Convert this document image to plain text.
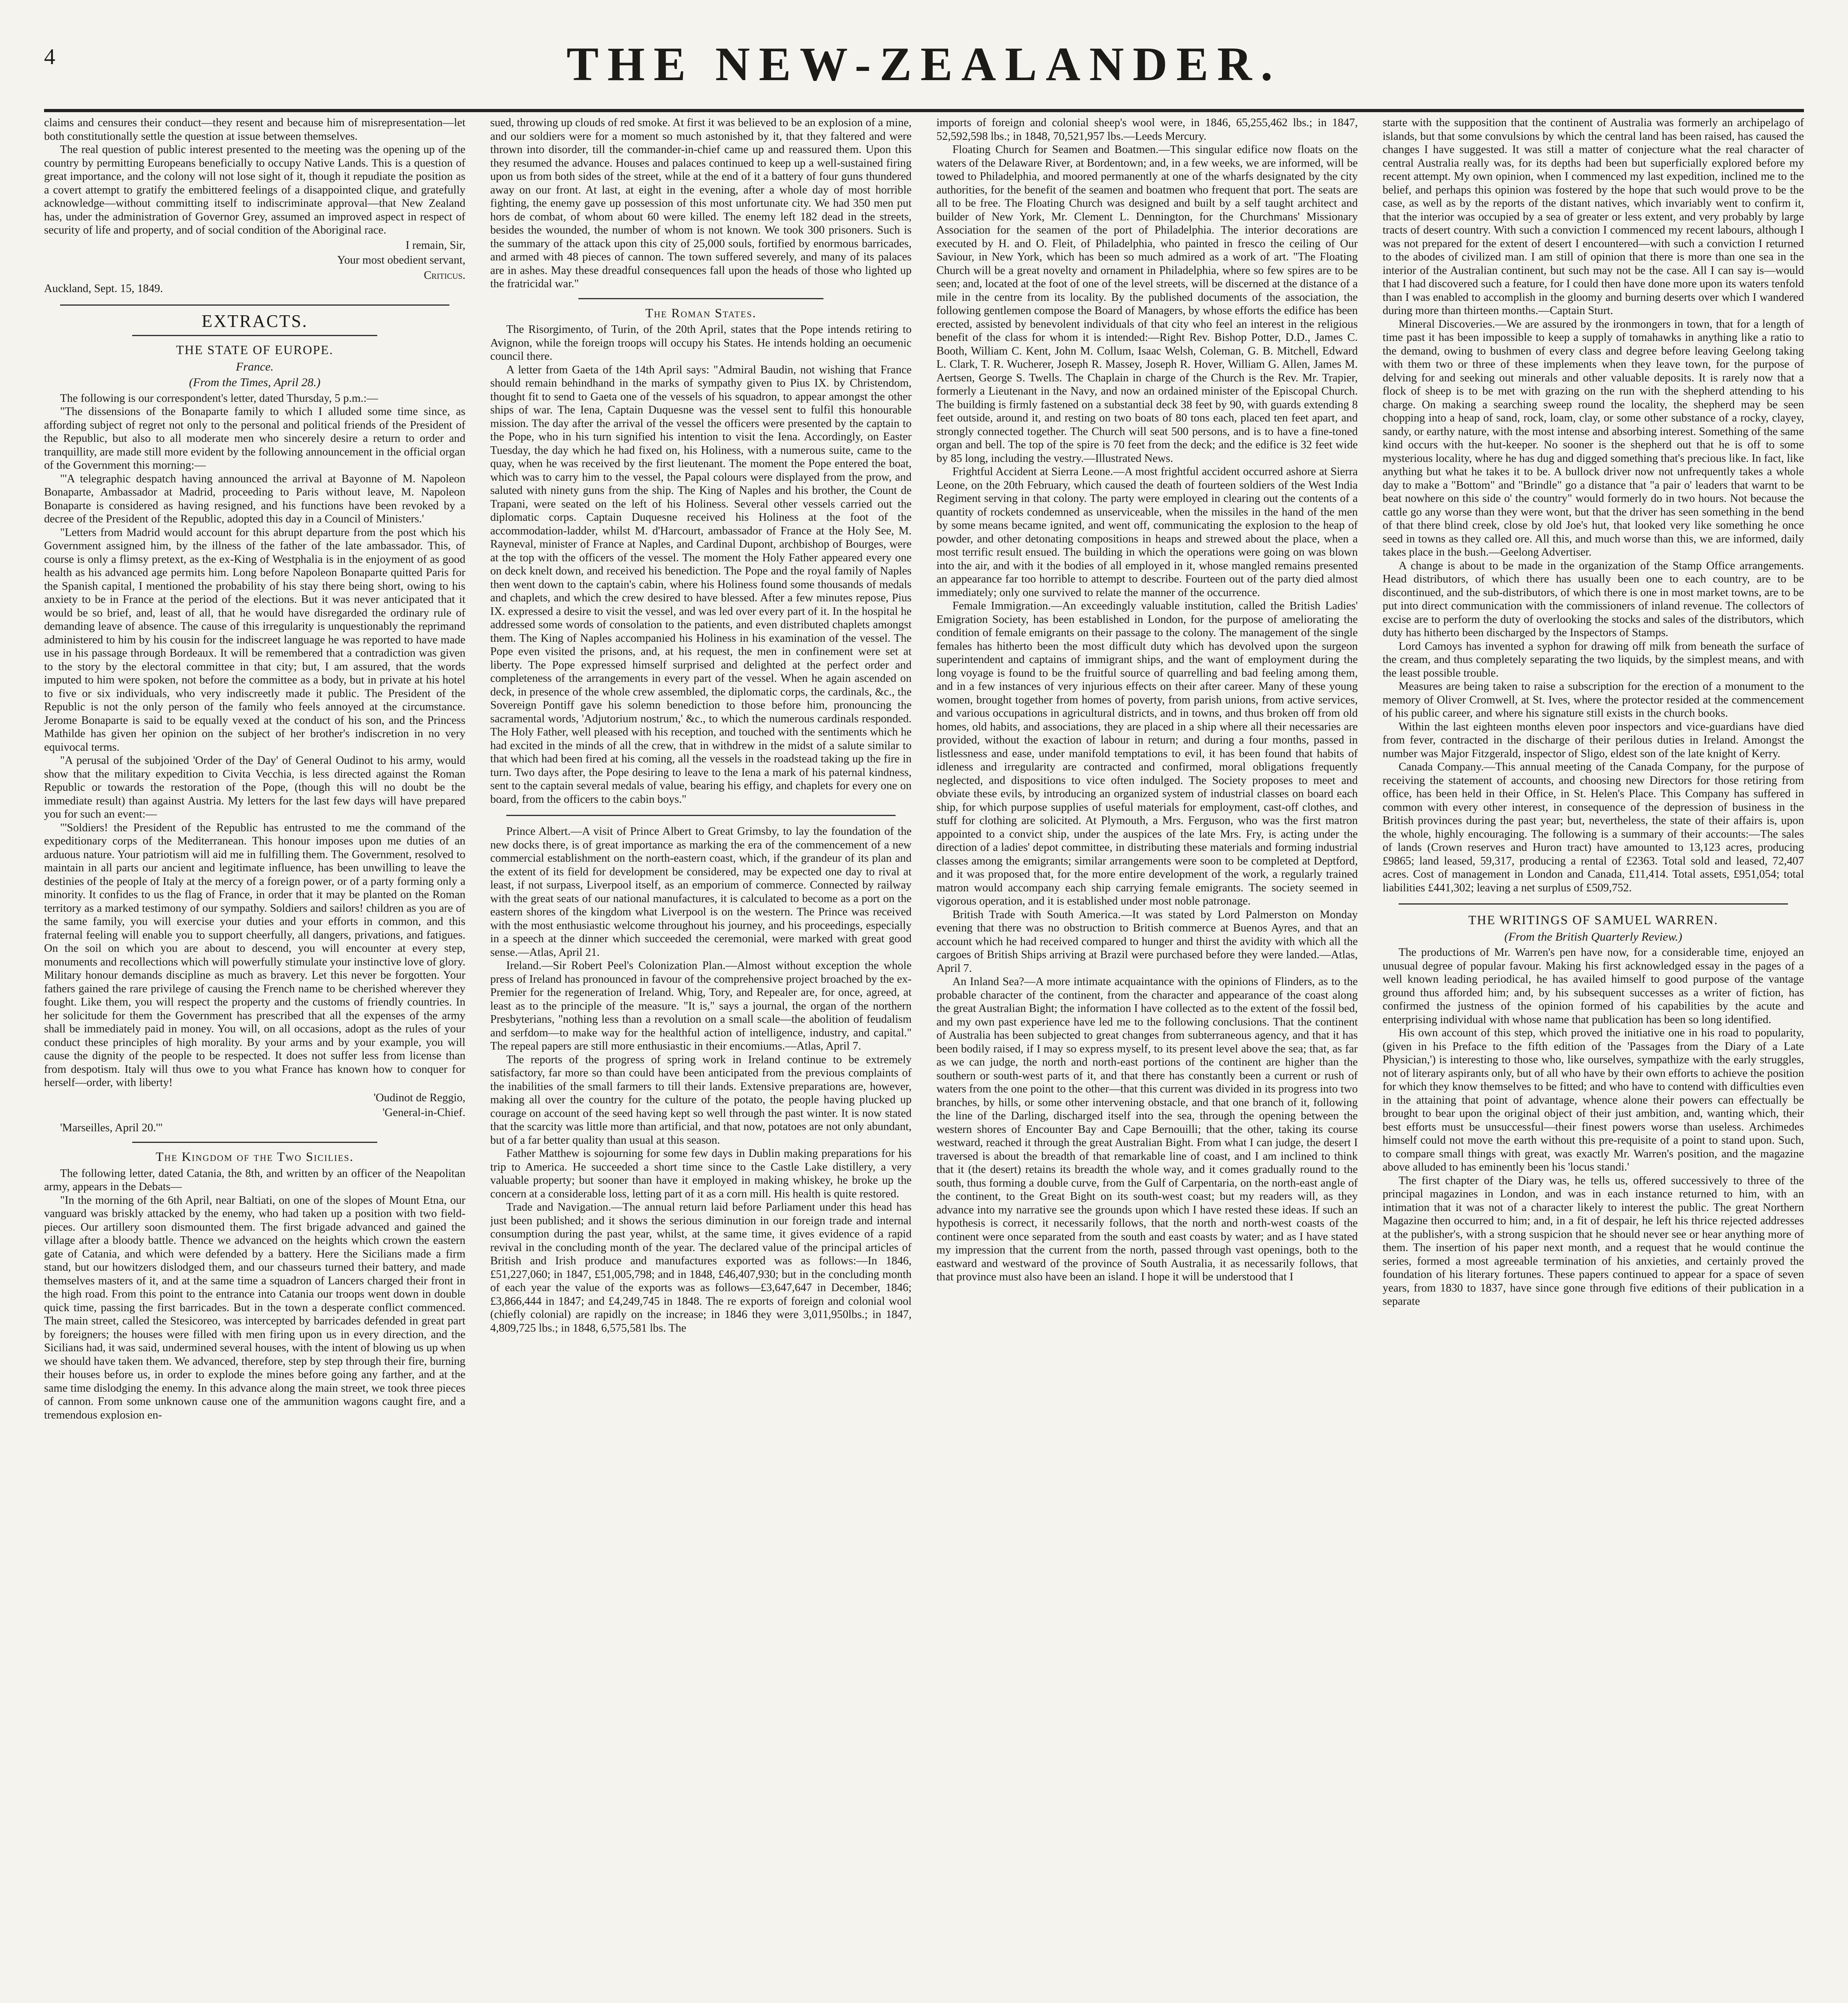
4	THE NEW-ZEALANDER.

claims and censures their conduct—they resent and because him of misrepresentation—let both constitutionally settle the question at issue between themselves.

The real question of public interest presented to the meeting was the opening up of the country by permitting Europeans beneficially to occupy Native Lands. This is a question of great importance, and the colony will not lose sight of it, though it repudiate the position as a covert attempt to gratify the embittered feelings of a disappointed clique, and gratefully acknowledge—without committing itself to indiscriminate approval—that New Zealand has, under the administration of Governor Grey, assumed an improved aspect in respect of security of life and property, and of social condition of the Aboriginal race.

I remain, Sir,

Your most obedient servant,

Criticus.

Auckland, Sept. 15, 1849.

EXTRACTS.
THE STATE OF EUROPE.
France.
(From the Times, April 28.)

The following is our correspondent's letter, dated Thursday, 5 p.m.:—

"The dissensions of the Bonaparte family to which I alluded some time since, as affording subject of regret not only to the personal and political friends of the President of the Republic, but also to all moderate men who sincerely desire a return to order and tranquillity, are made still more evident by the following announcement in the official organ of the Government this morning:—

"'A telegraphic despatch having announced the arrival at Bayonne of M. Napoleon Bonaparte, Ambassador at Madrid, proceeding to Paris without leave, M. Napoleon Bonaparte is considered as having resigned, and his functions have been revoked by a decree of the President of the Republic, adopted this day in a Council of Ministers.'

"Letters from Madrid would account for this abrupt departure from the post which his Government assigned him, by the illness of the father of the late ambassador. This, of course is only a flimsy pretext, as the ex-King of Westphalia is in the enjoyment of as good health as his advanced age permits him. Long before Napoleon Bonaparte quitted Paris for the Spanish capital, I mentioned the probability of his stay there being short, owing to his anxiety to be in France at the period of the elections. But it was never anticipated that it would be so brief, and, least of all, that he would have disregarded the ordinary rule of demanding leave of absence. The cause of this irregularity is unquestionably the reprimand administered to him by his cousin for the indiscreet language he was reported to have made use in his passage through Bordeaux. It will be remembered that a contradiction was given to the story by the electoral committee in that city; but, I am assured, that the words imputed to him were spoken, not before the committee as a body, but in private at his hotel to five or six individuals, who very indiscreetly made it public. The President of the Republic is not the only person of the family who feels annoyed at the circumstance. Jerome Bonaparte is said to be equally vexed at the conduct of his son, and the Princess Mathilde has given her opinion on the subject of her brother's indiscretion in no very equivocal terms.

"A perusal of the subjoined 'Order of the Day' of General Oudinot to his army, would show that the military expedition to Civita Vecchia, is less directed against the Roman Republic or towards the restoration of the Pope, (though this will no doubt be the immediate result) than against Austria. My letters for the last few days will have prepared you for such an event:—

"'Soldiers! the President of the Republic has entrusted to me the command of the expeditionary corps of the Mediterranean. This honour imposes upon me duties of an arduous nature. Your patriotism will aid me in fulfilling them. The Government, resolved to maintain in all parts our ancient and legitimate influence, has been unwilling to leave the destinies of the people of Italy at the mercy of a foreign power, or of a party forming only a minority. It confides to us the flag of France, in order that it may be planted on the Roman territory as a marked testimony of our sympathy. Soldiers and sailors! children as you are of the same family, you will exercise your duties and your efforts in common, and this fraternal feeling will enable you to support cheerfully, all dangers, privations, and fatigues. On the soil on which you are about to descend, you will encounter at every step, monuments and recollections which will powerfully stimulate your instinctive love of glory. Military honour demands discipline as much as bravery. Let this never be forgotten. Your fathers gained the rare privilege of causing the French name to be cherished wherever they fought. Like them, you will respect the property and the customs of friendly countries. In her solicitude for them the Government has prescribed that all the expenses of the army shall be immediately paid in money. You will, on all occasions, adopt as the rules of your conduct these principles of high morality. By your arms and by your example, you will cause the dignity of the people to be respected. It does not suffer less from license than from despotism. Italy will thus owe to you what France has known how to conquer for herself—order, with liberty!

'Oudinot de Reggio,

'General-in-Chief.

'Marseilles, April 20.'"

The Kingdom of the Two Sicilies.

The following letter, dated Catania, the 8th, and written by an officer of the Neapolitan army, appears in the Debats—

"In the morning of the 6th April, near Baltiati, on one of the slopes of Mount Etna, our vanguard was briskly attacked by the enemy, who had taken up a position with two field-pieces. Our artillery soon dismounted them. The first brigade advanced and gained the village after a bloody battle. Thence we advanced on the heights which crown the eastern gate of Catania, and which were defended by a battery. Here the Sicilians made a firm stand, but our howitzers dislodged them, and our chasseurs turned their battery, and made themselves masters of it, and at the same time a squadron of Lancers charged their front in the high road. From this point to the entrance into Catania our troops went down in double quick time, passing the first barricades. But in the town a desperate conflict commenced. The main street, called the Stesicoreo, was intercepted by barricades defended in great part by foreigners; the houses were filled with men firing upon us in every direction, and the Sicilians had, it was said, undermined several houses, with the intent of blowing us up when we should have taken them. We advanced, therefore, step by step through their fire, burning their houses before us, in order to explode the mines before going any farther, and at the same time dislodging the enemy. In this advance along the main street, we took three pieces of cannon. From some unknown cause one of the ammunition wagons caught fire, and a tremendous explosion en-

sued, throwing up clouds of red smoke. At first it was believed to be an explosion of a mine, and our soldiers were for a moment so much astonished by it, that they faltered and were thrown into disorder, till the commander-in-chief came up and reassured them. Upon this they resumed the advance. Houses and palaces continued to keep up a well-sustained firing upon us from both sides of the street, while at the end of it a battery of four guns thundered away on our front. At last, at eight in the evening, after a whole day of most horrible fighting, the enemy gave up possession of this most unfortunate city. We had 350 men put hors de combat, of whom about 60 were killed. The enemy left 182 dead in the streets, besides the wounded, the number of whom is not known. We took 300 prisoners. Such is the summary of the attack upon this city of 25,000 souls, fortified by enormous barricades, and armed with 48 pieces of cannon. The town suffered severely, and many of its palaces are in ashes. May these dreadful consequences fall upon the heads of those who lighted up the fratricidal war."

The Roman States.

The Risorgimento, of Turin, of the 20th April, states that the Pope intends retiring to Avignon, while the foreign troops will occupy his States. He intends holding an oecumenic council there.

A letter from Gaeta of the 14th April says: "Admiral Baudin, not wishing that France should remain behindhand in the marks of sympathy given to Pius IX. by Christendom, thought fit to send to Gaeta one of the vessels of his squadron, to appear amongst the other ships of war. The Iena, Captain Duquesne was the vessel sent to fulfil this honourable mission. The day after the arrival of the vessel the officers were presented by the captain to the Pope, who in his turn signified his intention to visit the Iena. Accordingly, on Easter Tuesday, the day which he had fixed on, his Holiness, with a numerous suite, came to the quay, when he was received by the first lieutenant. The moment the Pope entered the boat, which was to carry him to the vessel, the Papal colours were displayed from the prow, and saluted with ninety guns from the ship. The King of Naples and his brother, the Count de Trapani, were seated on the left of his Holiness. Several other vessels carried out the diplomatic corps. Captain Duquesne received his Holiness at the foot of the accommodation-ladder, whilst M. d'Harcourt, ambassador of France at the Holy See, M. Rayneval, minister of France at Naples, and Cardinal Dupont, archbishop of Bourges, were at the top with the officers of the vessel. The moment the Holy Father appeared every one on deck knelt down, and received his benediction. The Pope and the royal family of Naples then went down to the captain's cabin, where his Holiness found some thousands of medals and chaplets, and which the crew desired to have blessed. After a few minutes repose, Pius IX. expressed a desire to visit the vessel, and was led over every part of it. In the hospital he addressed some words of consolation to the patients, and even distributed chaplets amongst them. The King of Naples accompanied his Holiness in his examination of the vessel. The Pope even visited the prisons, and, at his request, the men in confinement were set at liberty. The Pope expressed himself surprised and delighted at the perfect order and completeness of the arrangements in every part of the vessel. When he again ascended on deck, in presence of the whole crew assembled, the diplomatic corps, the cardinals, &c., the Sovereign Pontiff gave his solemn benediction to those before him, pronouncing the sacramental words, 'Adjutorium nostrum,' &c., to which the numerous cardinals responded. The Holy Father, well pleased with his reception, and touched with the sentiments which he had excited in the minds of all the crew, that in withdrew in the midst of a salute similar to that which had been fired at his coming, all the vessels in the roadstead taking up the fire in turn. Two days after, the Pope desiring to leave to the Iena a mark of his paternal kindness, sent to the captain several medals of value, bearing his effigy, and chaplets for every one on board, from the officers to the cabin boys."

Prince Albert.—A visit of Prince Albert to Great Grimsby, to lay the foundation of the new docks there, is of great importance as marking the era of the commencement of a new commercial establishment on the north-eastern coast, which, if the grandeur of its plan and the extent of its field for development be considered, may be expected one day to rival at least, if not surpass, Liverpool itself, as an emporium of commerce. Connected by railway with the great seats of our national manufactures, it is calculated to become as a port on the eastern shores of the kingdom what Liverpool is on the western. The Prince was received with the most enthusiastic welcome throughout his journey, and his proceedings, especially in a speech at the dinner which succeeded the ceremonial, were marked with great good sense.—Atlas, April 21.

Ireland.—Sir Robert Peel's Colonization Plan.—Almost without exception the whole press of Ireland has pronounced in favour of the comprehensive project broached by the ex-Premier for the regeneration of Ireland. Whig, Tory, and Repealer are, for once, agreed, at least as to the principle of the measure. "It is," says a journal, the organ of the northern Presbyterians, "nothing less than a revolution on a small scale—the abolition of feudalism and serfdom—to make way for the healthful action of intelligence, industry, and capital." The repeal papers are still more enthusiastic in their encomiums.—Atlas, April 7.

The reports of the progress of spring work in Ireland continue to be extremely satisfactory, far more so than could have been anticipated from the previous complaints of the inabilities of the small farmers to till their lands. Extensive preparations are, however, making all over the country for the culture of the potato, the people having plucked up courage on account of the seed having kept so well through the past winter. It is now stated that the scarcity was little more than artificial, and that now, potatoes are not only abundant, but of a far better quality than usual at this season.

Father Matthew is sojourning for some few days in Dublin making preparations for his trip to America. He succeeded a short time since to the Castle Lake distillery, a very valuable property; but sooner than have it employed in making whiskey, he broke up the concern at a considerable loss, letting part of it as a corn mill. His health is quite restored.

Trade and Navigation.—The annual return laid before Parliament under this head has just been published; and it shows the serious diminution in our foreign trade and internal consumption during the past year, whilst, at the same time, it gives evidence of a rapid revival in the concluding month of the year. The declared value of the principal articles of British and Irish produce and manufactures exported was as follows:—In 1846, £51,227,060; in 1847, £51,005,798; and in 1848, £46,407,930; but in the concluding month of each year the value of the exports was as follows—£3,647,647 in December, 1846; £3,866,444 in 1847; and £4,249,745 in 1848. The re exports of foreign and colonial wool (chiefly colonial) are rapidly on the increase; in 1846 they were 3,011,950lbs.; in 1847, 4,809,725 lbs.; in 1848, 6,575,581 lbs. The

imports of foreign and colonial sheep's wool were, in 1846, 65,255,462 lbs.; in 1847, 52,592,598 lbs.; in 1848, 70,521,957 lbs.—Leeds Mercury.

Floating Church for Seamen and Boatmen.—This singular edifice now floats on the waters of the Delaware River, at Bordentown; and, in a few weeks, we are informed, will be towed to Philadelphia, and moored permanently at one of the wharfs designated by the city authorities, for the benefit of the seamen and boatmen who frequent that port. The seats are all to be free. The Floating Church was designed and built by a self taught architect and builder of New York, Mr. Clement L. Dennington, for the Churchmans' Missionary Association for the seamen of the port of Philadelphia. The interior decorations are executed by H. and O. Fleit, of Philadelphia, who painted in fresco the ceiling of Our Saviour, in New York, which has been so much admired as a work of art. "The Floating Church will be a great novelty and ornament in Philadelphia, where so few spires are to be seen; and, located at the foot of one of the level streets, will be discerned at the distance of a mile in the centre from its locality. By the published documents of the association, the following gentlemen compose the Board of Managers, by whose efforts the edifice has been erected, assisted by benevolent individuals of that city who feel an interest in the religious benefit of the class for whom it is intended:—Right Rev. Bishop Potter, D.D., James C. Booth, William C. Kent, John M. Collum, Isaac Welsh, Coleman, G. B. Mitchell, Edward L. Clark, T. R. Wucherer, Joseph R. Massey, Joseph R. Hover, William G. Allen, James M. Aertsen, George S. Twells. The Chaplain in charge of the Church is the Rev. Mr. Trapier, formerly a Lieutenant in the Navy, and now an ordained minister of the Episcopal Church. The building is firmly fastened on a substantial deck 38 feet by 90, with guards extending 8 feet outside, around it, and resting on two boats of 80 tons each, placed ten feet apart, and strongly connected together. The Church will seat 500 persons, and is to have a fine-toned organ and bell. The top of the spire is 70 feet from the deck; and the edifice is 32 feet wide by 85 long, including the vestry.—Illustrated News.

Frightful Accident at Sierra Leone.—A most frightful accident occurred ashore at Sierra Leone, on the 20th February, which caused the death of fourteen soldiers of the West India Regiment serving in that colony. The party were employed in clearing out the contents of a quantity of rockets condemned as unserviceable, when the missiles in the hand of the men by some means became ignited, and went off, communicating the explosion to the heap of powder, and other detonating compositions in heaps and strewed about the place, when a most terrific result ensued. The building in which the operations were going on was blown into the air, and with it the bodies of all employed in it, whose mangled remains presented an appearance far too horrible to attempt to describe. Fourteen out of the party died almost immediately; only one survived to relate the manner of the occurrence.

Female Immigration.—An exceedingly valuable institution, called the British Ladies' Emigration Society, has been established in London, for the purpose of ameliorating the condition of female emigrants on their passage to the colony. The management of the single females has hitherto been the most difficult duty which has devolved upon the surgeon superintendent and captains of immigrant ships, and the want of employment during the long voyage is found to be the fruitful source of quarrelling and bad feeling among them, and in a few instances of very injurious effects on their after career. Many of these young women, brought together from homes of poverty, from parish unions, from active services, and various occupations in agricultural districts, and in towns, and thus broken off from old homes, old habits, and associations, they are placed in a ship where all their necessaries are provided, without the exaction of labour in return; and during a four months, passed in listlessness and ease, under manifold temptations to evil, it has been found that habits of idleness and irregularity are contracted and confirmed, moral obligations frequently neglected, and dispositions to vice often indulged. The Society proposes to meet and obviate these evils, by introducing an organized system of industrial classes on board each ship, for which purpose supplies of useful materials for employment, cast-off clothes, and stuff for clothing are solicited. At Plymouth, a Mrs. Ferguson, who was the first matron appointed to a convict ship, under the auspices of the late Mrs. Fry, is acting under the direction of a ladies' depot committee, in distributing these materials and forming industrial classes among the emigrants; similar arrangements were soon to be completed at Deptford, and it was proposed that, for the more entire development of the work, a regularly trained matron would accompany each ship carrying female emigrants. The society seemed in vigorous operation, and it is established under most noble patronage.

British Trade with South America.—It was stated by Lord Palmerston on Monday evening that there was no obstruction to British commerce at Buenos Ayres, and that an account which he had received compared to hunger and thirst the avidity with which all the cargoes of British Ships arriving at Brazil were purchased before they were landed.—Atlas, April 7.

An Inland Sea?—A more intimate acquaintance with the opinions of Flinders, as to the probable character of the continent, from the character and appearance of the coast along the great Australian Bight; the information I have collected as to the extent of the fossil bed, and my own past experience have led me to the following conclusions. That the continent of Australia has been subjected to great changes from subterraneous agency, and that it has been bodily raised, if I may so express myself, to its present level above the sea; that, as far as we can judge, the north and north-east portions of the continent are higher than the southern or south-west parts of it, and that there has constantly been a current or rush of waters from the one point to the other—that this current was divided in its progress into two branches, by hills, or some other intervening obstacle, and that one branch of it, following the line of the Darling, discharged itself into the sea, through the opening between the western shores of Encounter Bay and Cape Bernouilli; that the other, taking its course westward, reached it through the great Australian Bight. From what I can judge, the desert I traversed is about the breadth of that remarkable line of coast, and I am inclined to think that it (the desert) retains its breadth the whole way, and it comes gradually round to the south, thus forming a double curve, from the Gulf of Carpentaria, on the north-east angle of the continent, to the Great Bight on its south-west coast; but my readers will, as they advance into my narrative see the grounds upon which I have rested these ideas. If such an hypothesis is correct, it necessarily follows, that the north and north-west coasts of the continent were once separated from the south and east coasts by water; and as I have stated my impression that the current from the north, passed through vast openings, both to the eastward and westward of the province of South Australia, it as necessarily follows, that that province must also have been an island. I hope it will be understood that I

starte with the supposition that the continent of Australia was formerly an archipelago of islands, but that some convulsions by which the central land has been raised, has caused the changes I have suggested. It was still a matter of conjecture what the real character of central Australia really was, for its depths had been but superficially explored before my recent attempt. My own opinion, when I commenced my last expedition, inclined me to the belief, and perhaps this opinion was fostered by the hope that such would prove to be the case, as well as by the reports of the distant natives, which invariably went to confirm it, that the interior was occupied by a sea of greater or less extent, and very probably by large tracts of desert country. With such a conviction I commenced my recent labours, although I was not prepared for the extent of desert I encountered—with such a conviction I returned to the abodes of civilized man. I am still of opinion that there is more than one sea in the interior of the Australian continent, but such may not be the case. All I can say is—would that I had discovered such a feature, for I could then have done more upon its waters tenfold than I was enabled to accomplish in the gloomy and burning deserts over which I wandered during more than thirteen months.—Captain Sturt.

Mineral Discoveries.—We are assured by the ironmongers in town, that for a length of time past it has been impossible to keep a supply of tomahawks in anything like a ratio to the demand, owing to bushmen of every class and degree before leaving Geelong taking with them two or three of these implements when they leave town, for the purpose of delving for and seeking out minerals and other valuable deposits. It is rarely now that a flock of sheep is to be met with grazing on the run with the shepherd attending to his charge. On making a searching sweep round the locality, the shepherd may be seen chopping into a heap of sand, rock, loam, clay, or some other substance of a rocky, clayey, sandy, or earthy nature, with the most intense and absorbing interest. Something of the same kind occurs with the hut-keeper. No sooner is the shepherd out that he is off to some mysterious locality, where he has dug and digged something that's precious like. In fact, like anything but what he takes it to be. A bullock driver now not unfrequently takes a whole day to make a "Bottom" and "Brindle" go a distance that "a pair o' leaders that warnt to be beat nowhere on this side o' the country" would formerly do in two hours. Not because the cattle go any worse than they were wont, but that the driver has seen something in the bend of that there blind creek, close by old Joe's hut, that looked very like something he once seed in towns as they called ore. All this, and much worse than this, we are informed, daily takes place in the bush.—Geelong Advertiser.

A change is about to be made in the organization of the Stamp Office arrangements. Head distributors, of which there has usually been one to each country, are to be discontinued, and the sub-distributors, of which there is one in most market towns, are to be put into direct communication with the commissioners of inland revenue. The collectors of excise are to perform the duty of overlooking the stocks and sales of the distributors, which duty has hitherto been discharged by the Inspectors of Stamps.

Lord Camoys has invented a syphon for drawing off milk from beneath the surface of the cream, and thus completely separating the two liquids, by the simplest means, and with the least possible trouble.

Measures are being taken to raise a subscription for the erection of a monument to the memory of Oliver Cromwell, at St. Ives, where the protector resided at the commencement of his public career, and where his signature still exists in the church books.

Within the last eighteen months eleven poor inspectors and vice-guardians have died from fever, contracted in the discharge of their perilous duties in Ireland. Amongst the number was Major Fitzgerald, inspector of Sligo, eldest son of the late knight of Kerry.

Canada Company.—This annual meeting of the Canada Company, for the purpose of receiving the statement of accounts, and choosing new Directors for those retiring from office, has been held in their Office, in St. Helen's Place. This Company has suffered in common with every other interest, in consequence of the depression of business in the British provinces during the past year; but, nevertheless, the state of their affairs is, upon the whole, highly encouraging. The following is a summary of their accounts:—The sales of lands (Crown reserves and Huron tract) have amounted to 13,123 acres, producing £9865; land leased, 59,317, producing a rental of £2363. Total sold and leased, 72,407 acres. Cost of management in London and Canada, £11,414. Total assets, £951,054; total liabilities £441,302; leaving a net surplus of £509,752.

THE WRITINGS OF SAMUEL WARREN.
(From the British Quarterly Review.)

The productions of Mr. Warren's pen have now, for a considerable time, enjoyed an unusual degree of popular favour. Making his first acknowledged essay in the pages of a well known leading periodical, he has availed himself to good purpose of the vantage ground thus afforded him; and, by his subsequent successes as a writer of fiction, has confirmed the justness of the opinion formed of his capabilities by the acute and enterprising individual with whose name that publication has been so long identified.

His own account of this step, which proved the initiative one in his road to popularity, (given in his Preface to the fifth edition of the 'Passages from the Diary of a Late Physician,') is interesting to those who, like ourselves, sympathize with the early struggles, not of literary aspirants only, but of all who have by their own efforts to achieve the position for which they know themselves to be fitted; and who have to contend with difficulties even in the attaining that point of advantage, whence alone their powers can effectually be brought to bear upon the original object of their just ambition, and, wanting which, their best efforts must be unsuccessful—their finest powers worse than useless. Archimedes himself could not move the earth without this pre-requisite of a point to stand upon. Such, to compare small things with great, was exactly Mr. Warren's position, and the magazine above alluded to has eminently been his 'locus standi.'

The first chapter of the Diary was, he tells us, offered successively to three of the principal magazines in London, and was in each instance returned to him, with an intimation that it was not of a character likely to interest the public. The great Northern Magazine then occurred to him; and, in a fit of despair, he left his thrice rejected addresses at the publisher's, with a strong suspicion that he should never see or hear anything more of them. The insertion of his paper next month, and a request that he would continue the series, formed a most agreeable termination of his anxieties, and certainly proved the foundation of his literary fortunes. These papers continued to appear for a space of seven years, from 1830 to 1837, have since gone through five editions of their publication in a separate
